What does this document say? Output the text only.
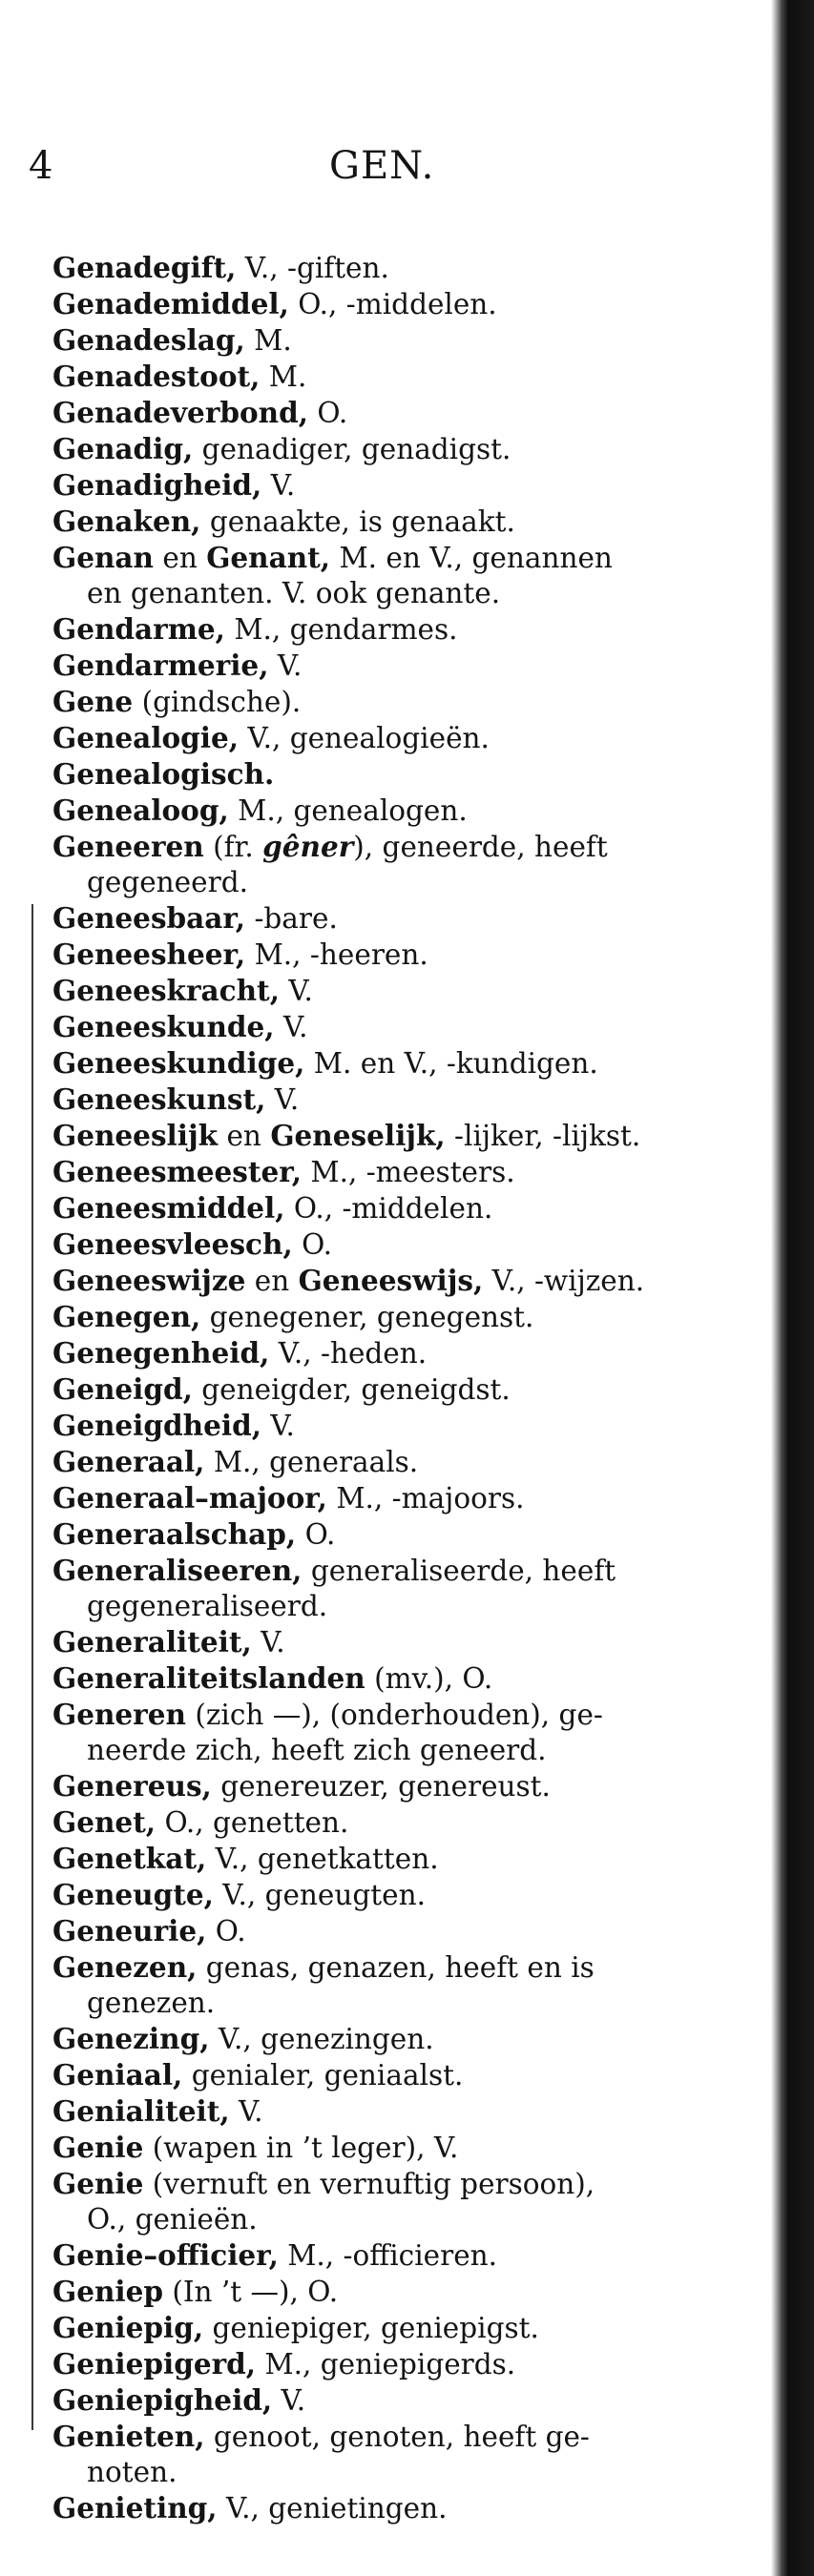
4	GEN.
Genadegift, V., -giften.
Genademiddel, O., -middelen.
Genadeslag, M.
Genadestoot, M.
Genadeverbond, O.
Genadig, genadiger, genadigst.
Genadigheid, V.
Genaken, genaakte, is genaakt.
Genan en Genant, M. en V., genannen
en genanten. V. ook genante.
Gendarme, M., gendarmes.
Gendarmerie, V.
Gene (gindsche).
Genealogie, V., genealogieën.
Genealogisch.
Genealoog, M., genealogen.
Geneeren (fr. gêner), geneerde, heeft
gegeneerd.
Geneesbaar, -bare.
Geneesheer, M., -heeren.
Geneeskracht, V.
Geneeskunde, V.
Geneeskundige, M. en V., -kundigen.
Geneeskunst, V.
Geneeslijk en Geneselijk, -lijker, -lijkst.
Geneesmeester, M., -meesters.
Geneesmiddel, O., -middelen.
Geneesvleesch, O.
Geneeswijze en Geneeswijs, V., -wijzen.
Genegen, genegener, genegenst.
Genegenheid, V., -heden.
Geneigd, geneigder, geneigdst.
Geneigdheid, V.
Generaal, M., generaals.
Generaal–majoor, M., -majoors.
Generaalschap, O.
Generaliseeren, generaliseerde, heeft
gegeneraliseerd.
Generaliteit, V.
Generaliteitslanden (mv.), O.
Generen (zich —), (onderhouden), ge-
neerde zich, heeft zich geneerd.
Genereus, genereuzer, genereust.
Genet, O., genetten.
Genetkat, V., genetkatten.
Geneugte, V., geneugten.
Geneurie, O.
Genezen, genas, genazen, heeft en is
genezen.
Genezing, V., genezingen.
Geniaal, genialer, geniaalst.
Genialiteit, V.
Genie (wapen in ’t leger), V.
Genie (vernuft en vernuftig persoon),
O., genieën.
Genie–officier, M., -officieren.
Geniep (In ’t —), O.
Geniepig, geniepiger, geniepigst.
Geniepigerd, M., geniepigerds.
Geniepigheid, V.
Genieten, genoot, genoten, heeft ge-
noten.
Genieting, V., genietingen.
